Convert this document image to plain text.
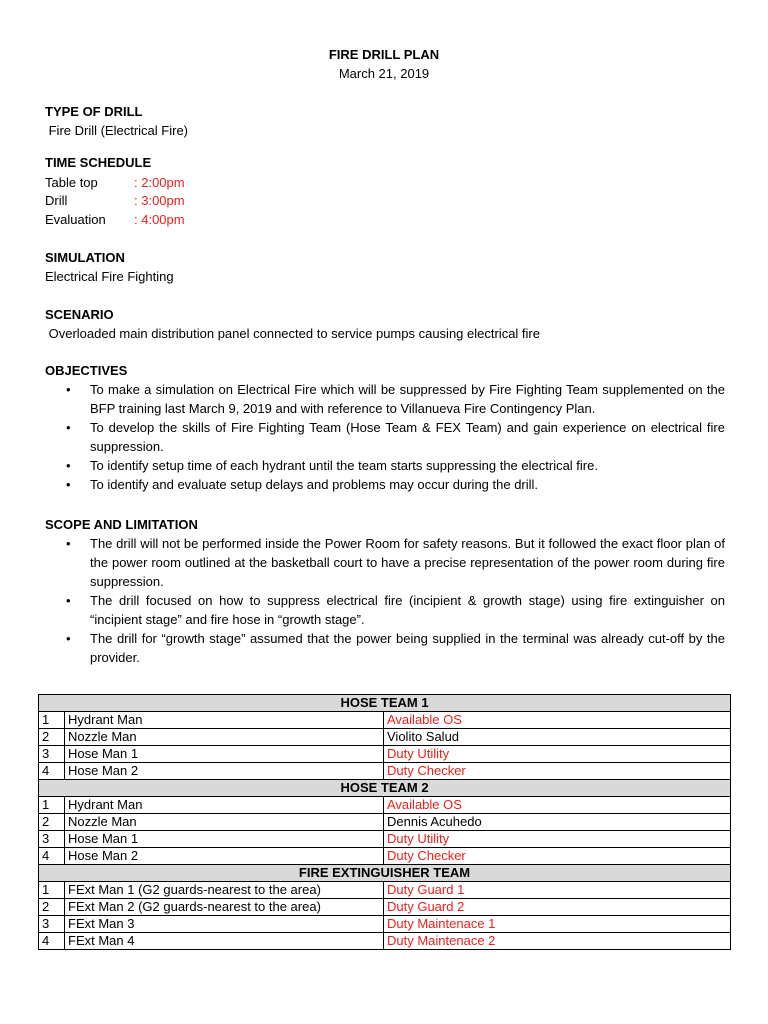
FIRE DRILL PLAN
March 21, 2019
TYPE OF DRILL
Fire Drill (Electrical Fire)
TIME SCHEDULE
Table top	: 2:00pm
Drill	: 3:00pm
Evaluation : 4:00pm
SIMULATION
Electrical Fire Fighting
SCENARIO
Overloaded main distribution panel connected to service pumps causing electrical fire
OBJECTIVES
• To make a simulation on Electrical Fire which will be suppressed by Fire Fighting Team supplemented on the BFP training last March 9, 2019 and with reference to Villanueva Fire Contingency Plan.
• To develop the skills of Fire Fighting Team (Hose Team & FEX Team) and gain experience on electrical fire suppression.
• To identify setup time of each hydrant until the team starts suppressing the electrical fire.
• To identify and evaluate setup delays and problems may occur during the drill.
SCOPE AND LIMITATION
• The drill will not be performed inside the Power Room for safety reasons. But it followed the exact floor plan of the power room outlined at the basketball court to have a precise representation of the power room during fire suppression.
• The drill focused on how to suppress electrical fire (incipient & growth stage) using fire extinguisher on “incipient stage” and fire hose in “growth stage”.
• The drill for “growth stage” assumed that the power being supplied in the terminal was already cut-off by the provider.
HOSE TEAM 1		
1	Hydrant Man	Available OS
2	Nozzle Man	Violito Salud
3	Hose Man 1	Duty Utility
4	Hose Man 2	Duty Checker
HOSE TEAM 2		
1	Hydrant Man	Available OS
2	Nozzle Man	Dennis Acuhedo
3	Hose Man 1	Duty Utility
4	Hose Man 2	Duty Checker
FIRE EXTINGUISHER TEAM		
1	FExt Man 1 (G2 guards-nearest to the area)	Duty Guard 1
2	FExt Man 2 (G2 guards-nearest to the area)	Duty Guard 2
3	FExt Man 3	Duty Maintenace 1
4	FExt Man 4	Duty Maintenace 2
